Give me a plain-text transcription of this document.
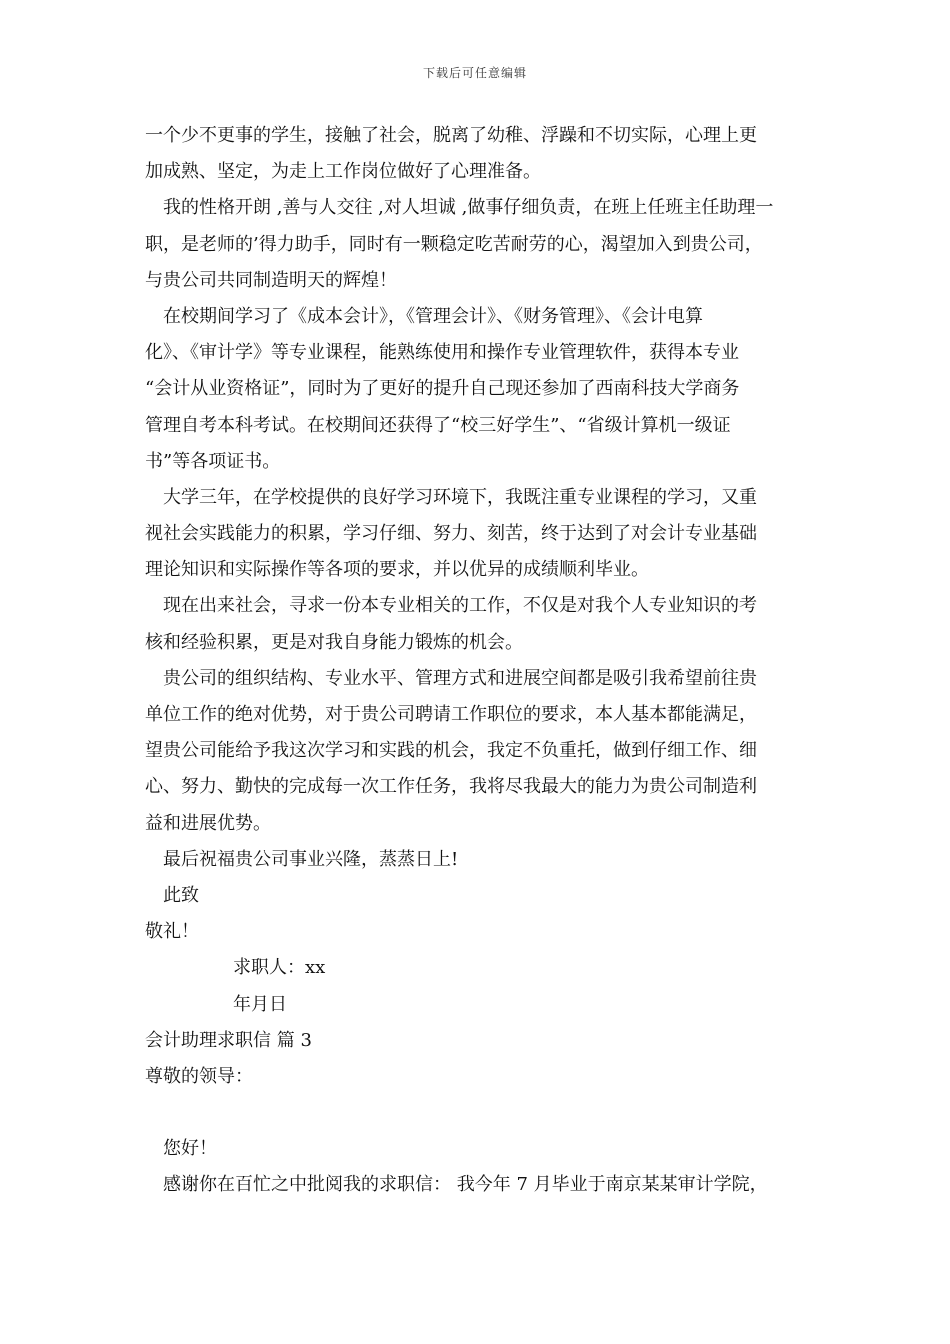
下载后可任意编辑
一个少不更事的学生，接触了社会，脱离了幼稚、浮躁和不切实际，心理上更
加成熟、坚定，为走上工作岗位做好了心理准备。
我的性格开朗 ,善与人交往 ,对人坦诚 ,做事仔细负责，在班上任班主任助理一
职，是老师的’得力助手，同时有一颗稳定吃苦耐劳的心，渴望加入到贵公司，
与贵公司共同制造明天的辉煌！
在校期间学习了《成本会计》，《管理会计》、《财务管理》、《会计电算
化》、《审计学》等专业课程，能熟练使用和操作专业管理软件，获得本专业
“会计从业资格证”，同时为了更好的提升自己现还参加了西南科技大学商务
管理自考本科考试。在校期间还获得了“校三好学生”、“省级计算机一级证
书”等各项证书。
大学三年，在学校提供的良好学习环境下，我既注重专业课程的学习，又重
视社会实践能力的积累，学习仔细、努力、刻苦，终于达到了对会计专业基础
理论知识和实际操作等各项的要求，并以优异的成绩顺利毕业。
现在出来社会，寻求一份本专业相关的工作，不仅是对我个人专业知识的考
核和经验积累，更是对我自身能力锻炼的机会。
贵公司的组织结构、专业水平、管理方式和进展空间都是吸引我希望前往贵
单位工作的绝对优势，对于贵公司聘请工作职位的要求，本人基本都能满足，
望贵公司能给予我这次学习和实践的机会，我定不负重托，做到仔细工作、细
心、努力、勤快的完成每一次工作任务，我将尽我最大的能力为贵公司制造利
益和进展优势。
最后祝福贵公司事业兴隆，蒸蒸日上!
此致
敬礼！
求职人：xx
年月日
会计助理求职信 篇 3
尊敬的领导：
您好！
感谢你在百忙之中批阅我的求职信： 我今年 7 月毕业于南京某某审计学院，
